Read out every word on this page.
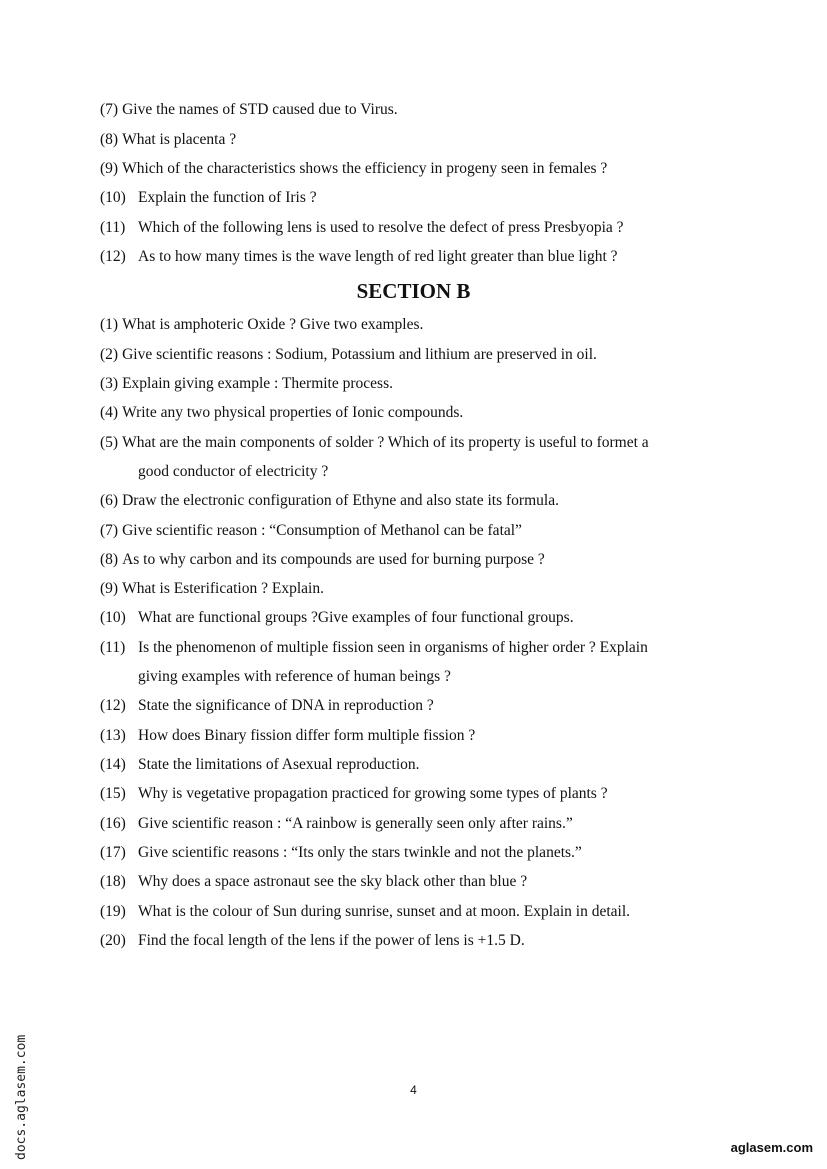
(7) Give the names of STD caused due to Virus.
(8) What is placenta ?
(9) Which of the characteristics shows the efficiency in progeny seen in females ?
(10) Explain the function of Iris ?
(11) Which of the following lens is used to resolve the defect of press Presbyopia ?
(12) As to how many times is the wave length of red light greater than blue light ?
SECTION B
(1) What is amphoteric Oxide ? Give two examples.
(2) Give scientific reasons : Sodium, Potassium and lithium are preserved in oil.
(3) Explain giving example : Thermite process.
(4) Write any two physical properties of Ionic compounds.
(5) What are the main components of solder ? Which of its property is useful to formet a
good conductor of electricity ?
(6) Draw the electronic configuration of Ethyne and also state its formula.
(7) Give scientific reason : “Consumption of Methanol can be fatal”
(8) As to why carbon and its compounds are used for burning purpose ?
(9) What is Esterification ? Explain.
(10) What are functional groups ?Give examples of four functional groups.
(11) Is the phenomenon of multiple fission seen in organisms of higher order ? Explain
giving examples with reference of human beings ?
(12) State the significance of DNA in reproduction ?
(13) How does Binary fission differ form multiple fission ?
(14) State the limitations of Asexual reproduction.
(15) Why is vegetative propagation practiced for growing some types of plants ?
(16) Give scientific reason : “A rainbow is generally seen only after rains.”
(17) Give scientific reasons : “Its only the stars twinkle and not the planets.”
(18) Why does a space astronaut see the sky black other than blue ?
(19) What is the colour of Sun during sunrise, sunset and at moon. Explain in detail.
(20) Find the focal length of the lens if the power of lens is +1.5 D.
4
docs.aglasem.com	aglasem.com
